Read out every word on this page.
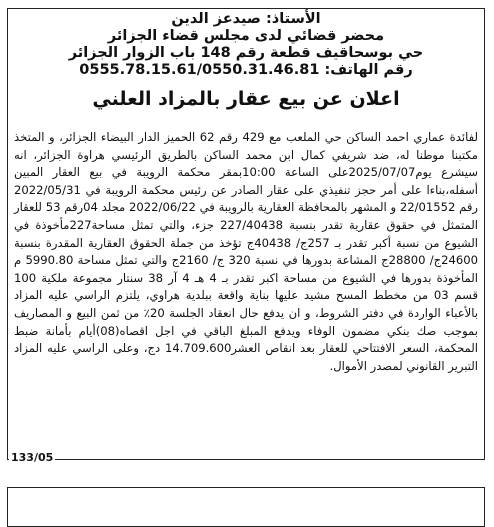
الأستاذ: صيدعز الدين
محضر قضائي لدى مجلس قضاء الجزائر
حي بوسحاقيف قطعة رقم 148 باب الزوار الجزائر
رقم الهاتف: 0555.78.15.61/0550.31.46.81
اعلان عن بيع عقار بالمزاد العلني

لفائدة عماري احمد الساكن حي الملعب مع 429 رقم 62 الحميز الدار البيضاء الجزائر، و المتخذ مكتبنا موطنا له، ضد شريفي كمال ابن محمد الساكن بالطريق الرئيسي هراوة الجزائر، انه سيشرع يوم2025/07/07على الساعة 10:00بمقر محكمة الرويبة في بيع العقار المبين أسفله،بناءا على أمر حجز تنفيذي على عقار الصادر عن رئيس محكمة الرويبة في 2022/05/31 رقم 22/01552 و المشهر بالمحافظة العقارية بالرويبة في 2022/06/22 مجلد 04رقم 53 للعقار المتمثل في حقوق عقارية تقدر بنسبة 227/40438 جزء، والتي تمثل مساحة227مأخوذة في الشيوع من نسبة أكبر تقدر بـ 257ج/ 40438ج تؤخذ من جملة الحقوق العقارية المقدرة بنسبة 24600ج/ 28800ج المشاعة بدورها في نسبة 320 ج/ 2160ج والتي تمثل مساحة 5990.80 م المأخوذة بدورها في الشيوع من مساحة اكبر تقدر بـ 4 هـ 4 آر 38 سنتار مجموعة ملكية 100 قسم 03 من مخطط المسح مشيد عليها بناية واقعة ببلدية هراوي، يلتزم الراسي عليه المزاد بالأعباء الواردة في دفتر الشروط، و ان يدفع حال انعقاد الجلسة 20٪ من ثمن البيع و المصاريف بموجب صك بنكي مضمون الوفاء ويدفع المبلغ الباقي في اجل اقصاه(08)أيام بأمانة ضبط المحكمة، السعر الافتتاحي للعقار بعد انقاص العشر14.709.600 دج، وعلى الراسي عليه المزاد التبرير القانوني لمصدر الأموال.

133/05
